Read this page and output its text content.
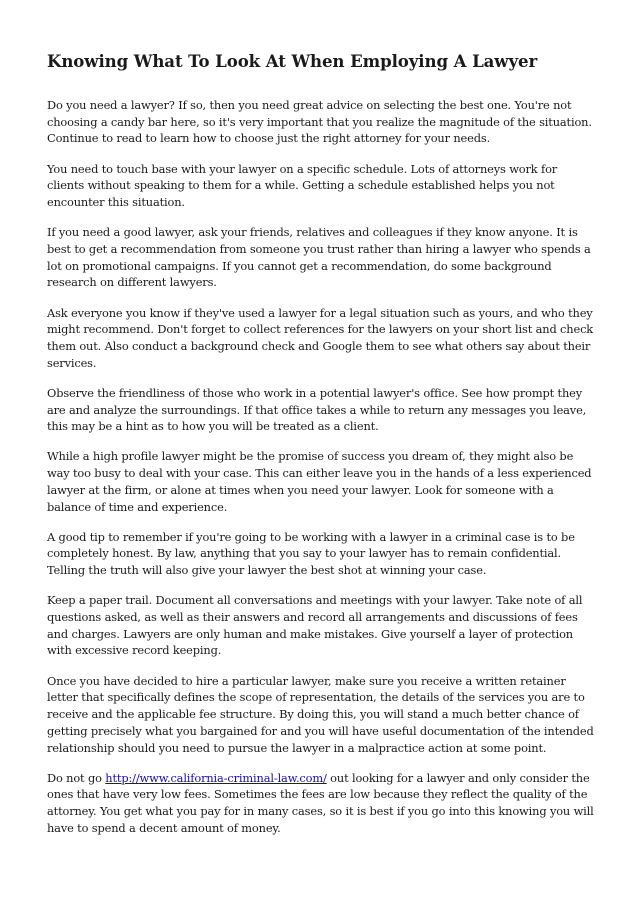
Knowing What To Look At When Employing A Lawyer

Do you need a lawyer? If so, then you need great advice on selecting the best one. You're not choosing a candy bar here, so it's very important that you realize the magnitude of the situation. Continue to read to learn how to choose just the right attorney for your needs.

You need to touch base with your lawyer on a specific schedule. Lots of attorneys work for clients without speaking to them for a while. Getting a schedule established helps you not encounter this situation.

If you need a good lawyer, ask your friends, relatives and colleagues if they know anyone. It is best to get a recommendation from someone you trust rather than hiring a lawyer who spends a lot on promotional campaigns. If you cannot get a recommendation, do some background research on different lawyers.

Ask everyone you know if they've used a lawyer for a legal situation such as yours, and who they might recommend. Don't forget to collect references for the lawyers on your short list and check them out. Also conduct a background check and Google them to see what others say about their services.

Observe the friendliness of those who work in a potential lawyer's office. See how prompt they are and analyze the surroundings. If that office takes a while to return any messages you leave, this may be a hint as to how you will be treated as a client.

While a high profile lawyer might be the promise of success you dream of, they might also be way too busy to deal with your case. This can either leave you in the hands of a less experienced lawyer at the firm, or alone at times when you need your lawyer. Look for someone with a balance of time and experience.

A good tip to remember if you're going to be working with a lawyer in a criminal case is to be completely honest. By law, anything that you say to your lawyer has to remain confidential. Telling the truth will also give your lawyer the best shot at winning your case.

Keep a paper trail. Document all conversations and meetings with your lawyer. Take note of all questions asked, as well as their answers and record all arrangements and discussions of fees and charges. Lawyers are only human and make mistakes. Give yourself a layer of protection with excessive record keeping.

Once you have decided to hire a particular lawyer, make sure you receive a written retainer letter that specifically defines the scope of representation, the details of the services you are to receive and the applicable fee structure. By doing this, you will stand a much better chance of getting precisely what you bargained for and you will have useful documentation of the intended relationship should you need to pursue the lawyer in a malpractice action at some point.

Do not go http://www.california-criminal-law.com/ out looking for a lawyer and only consider the ones that have very low fees. Sometimes the fees are low because they reflect the quality of the attorney. You get what you pay for in many cases, so it is best if you go into this knowing you will have to spend a decent amount of money.
